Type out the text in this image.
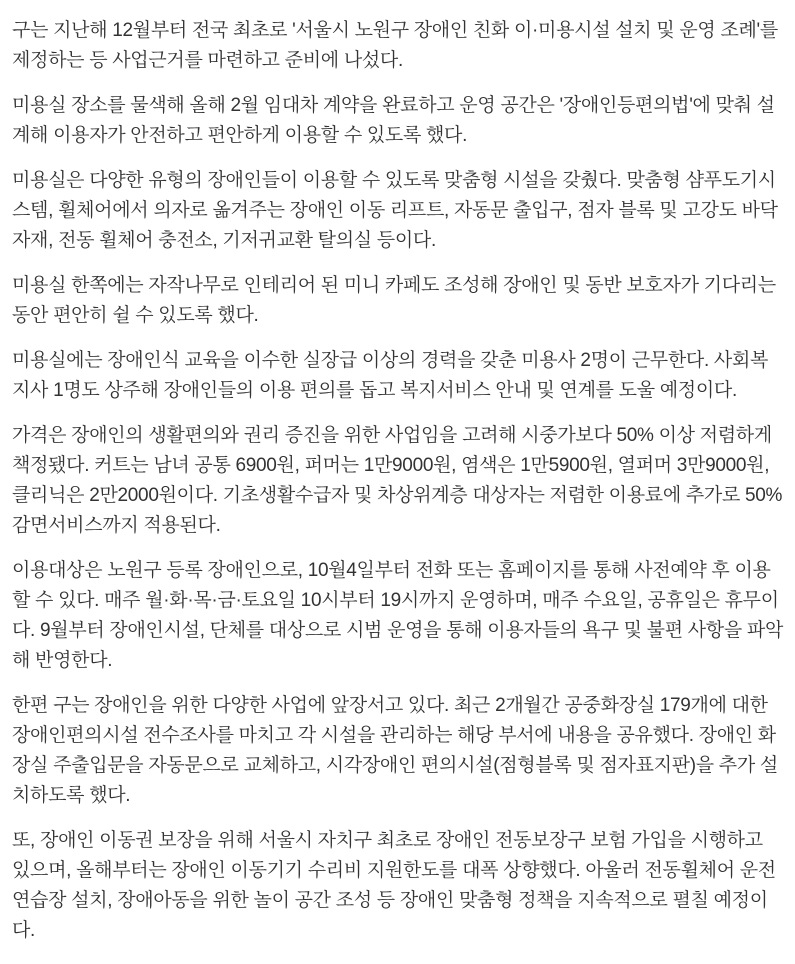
구는 지난해 12월부터 전국 최초로 '서울시 노원구 장애인 친화 이·미용시설 설치 및 운영 조례'를 제정하는 등 사업근거를 마련하고 준비에 나섰다.

미용실 장소를 물색해 올해 2월 임대차 계약을 완료하고 운영 공간은 '장애인등편의법'에 맞춰 설계해 이용자가 안전하고 편안하게 이용할 수 있도록 했다.

미용실은 다양한 유형의 장애인들이 이용할 수 있도록 맞춤형 시설을 갖췄다. 맞춤형 샴푸도기시스템, 휠체어에서 의자로 옮겨주는 장애인 이동 리프트, 자동문 출입구, 점자 블록 및 고강도 바닥자재, 전동 휠체어 충전소, 기저귀교환 탈의실 등이다.

미용실 한쪽에는 자작나무로 인테리어 된 미니 카페도 조성해 장애인 및 동반 보호자가 기다리는 동안 편안히 쉴 수 있도록 했다.

미용실에는 장애인식 교육을 이수한 실장급 이상의 경력을 갖춘 미용사 2명이 근무한다. 사회복지사 1명도 상주해 장애인들의 이용 편의를 돕고 복지서비스 안내 및 연계를 도울 예정이다.

가격은 장애인의 생활편의와 권리 증진을 위한 사업임을 고려해 시중가보다 50% 이상 저렴하게 책정됐다. 커트는 남녀 공통 6900원, 퍼머는 1만9000원, 염색은 1만5900원, 열퍼머 3만9000원, 클리닉은 2만2000원이다. 기초생활수급자 및 차상위계층 대상자는 저렴한 이용료에 추가로 50% 감면서비스까지 적용된다.

이용대상은 노원구 등록 장애인으로, 10월4일부터 전화 또는 홈페이지를 통해 사전예약 후 이용할 수 있다. 매주 월·화·목·금·토요일 10시부터 19시까지 운영하며, 매주 수요일, 공휴일은 휴무이다. 9월부터 장애인시설, 단체를 대상으로 시범 운영을 통해 이용자들의 욕구 및 불편 사항을 파악해 반영한다.

한편 구는 장애인을 위한 다양한 사업에 앞장서고 있다. 최근 2개월간 공중화장실 179개에 대한 장애인편의시설 전수조사를 마치고 각 시설을 관리하는 해당 부서에 내용을 공유했다. 장애인 화장실 주출입문을 자동문으로 교체하고, 시각장애인 편의시설(점형블록 및 점자표지판)을 추가 설치하도록 했다.

또, 장애인 이동권 보장을 위해 서울시 자치구 최초로 장애인 전동보장구 보험 가입을 시행하고 있으며, 올해부터는 장애인 이동기기 수리비 지원한도를 대폭 상향했다. 아울러 전동휠체어 운전연습장 설치, 장애아동을 위한 놀이 공간 조성 등 장애인 맞춤형 정책을 지속적으로 펼칠 예정이다.
